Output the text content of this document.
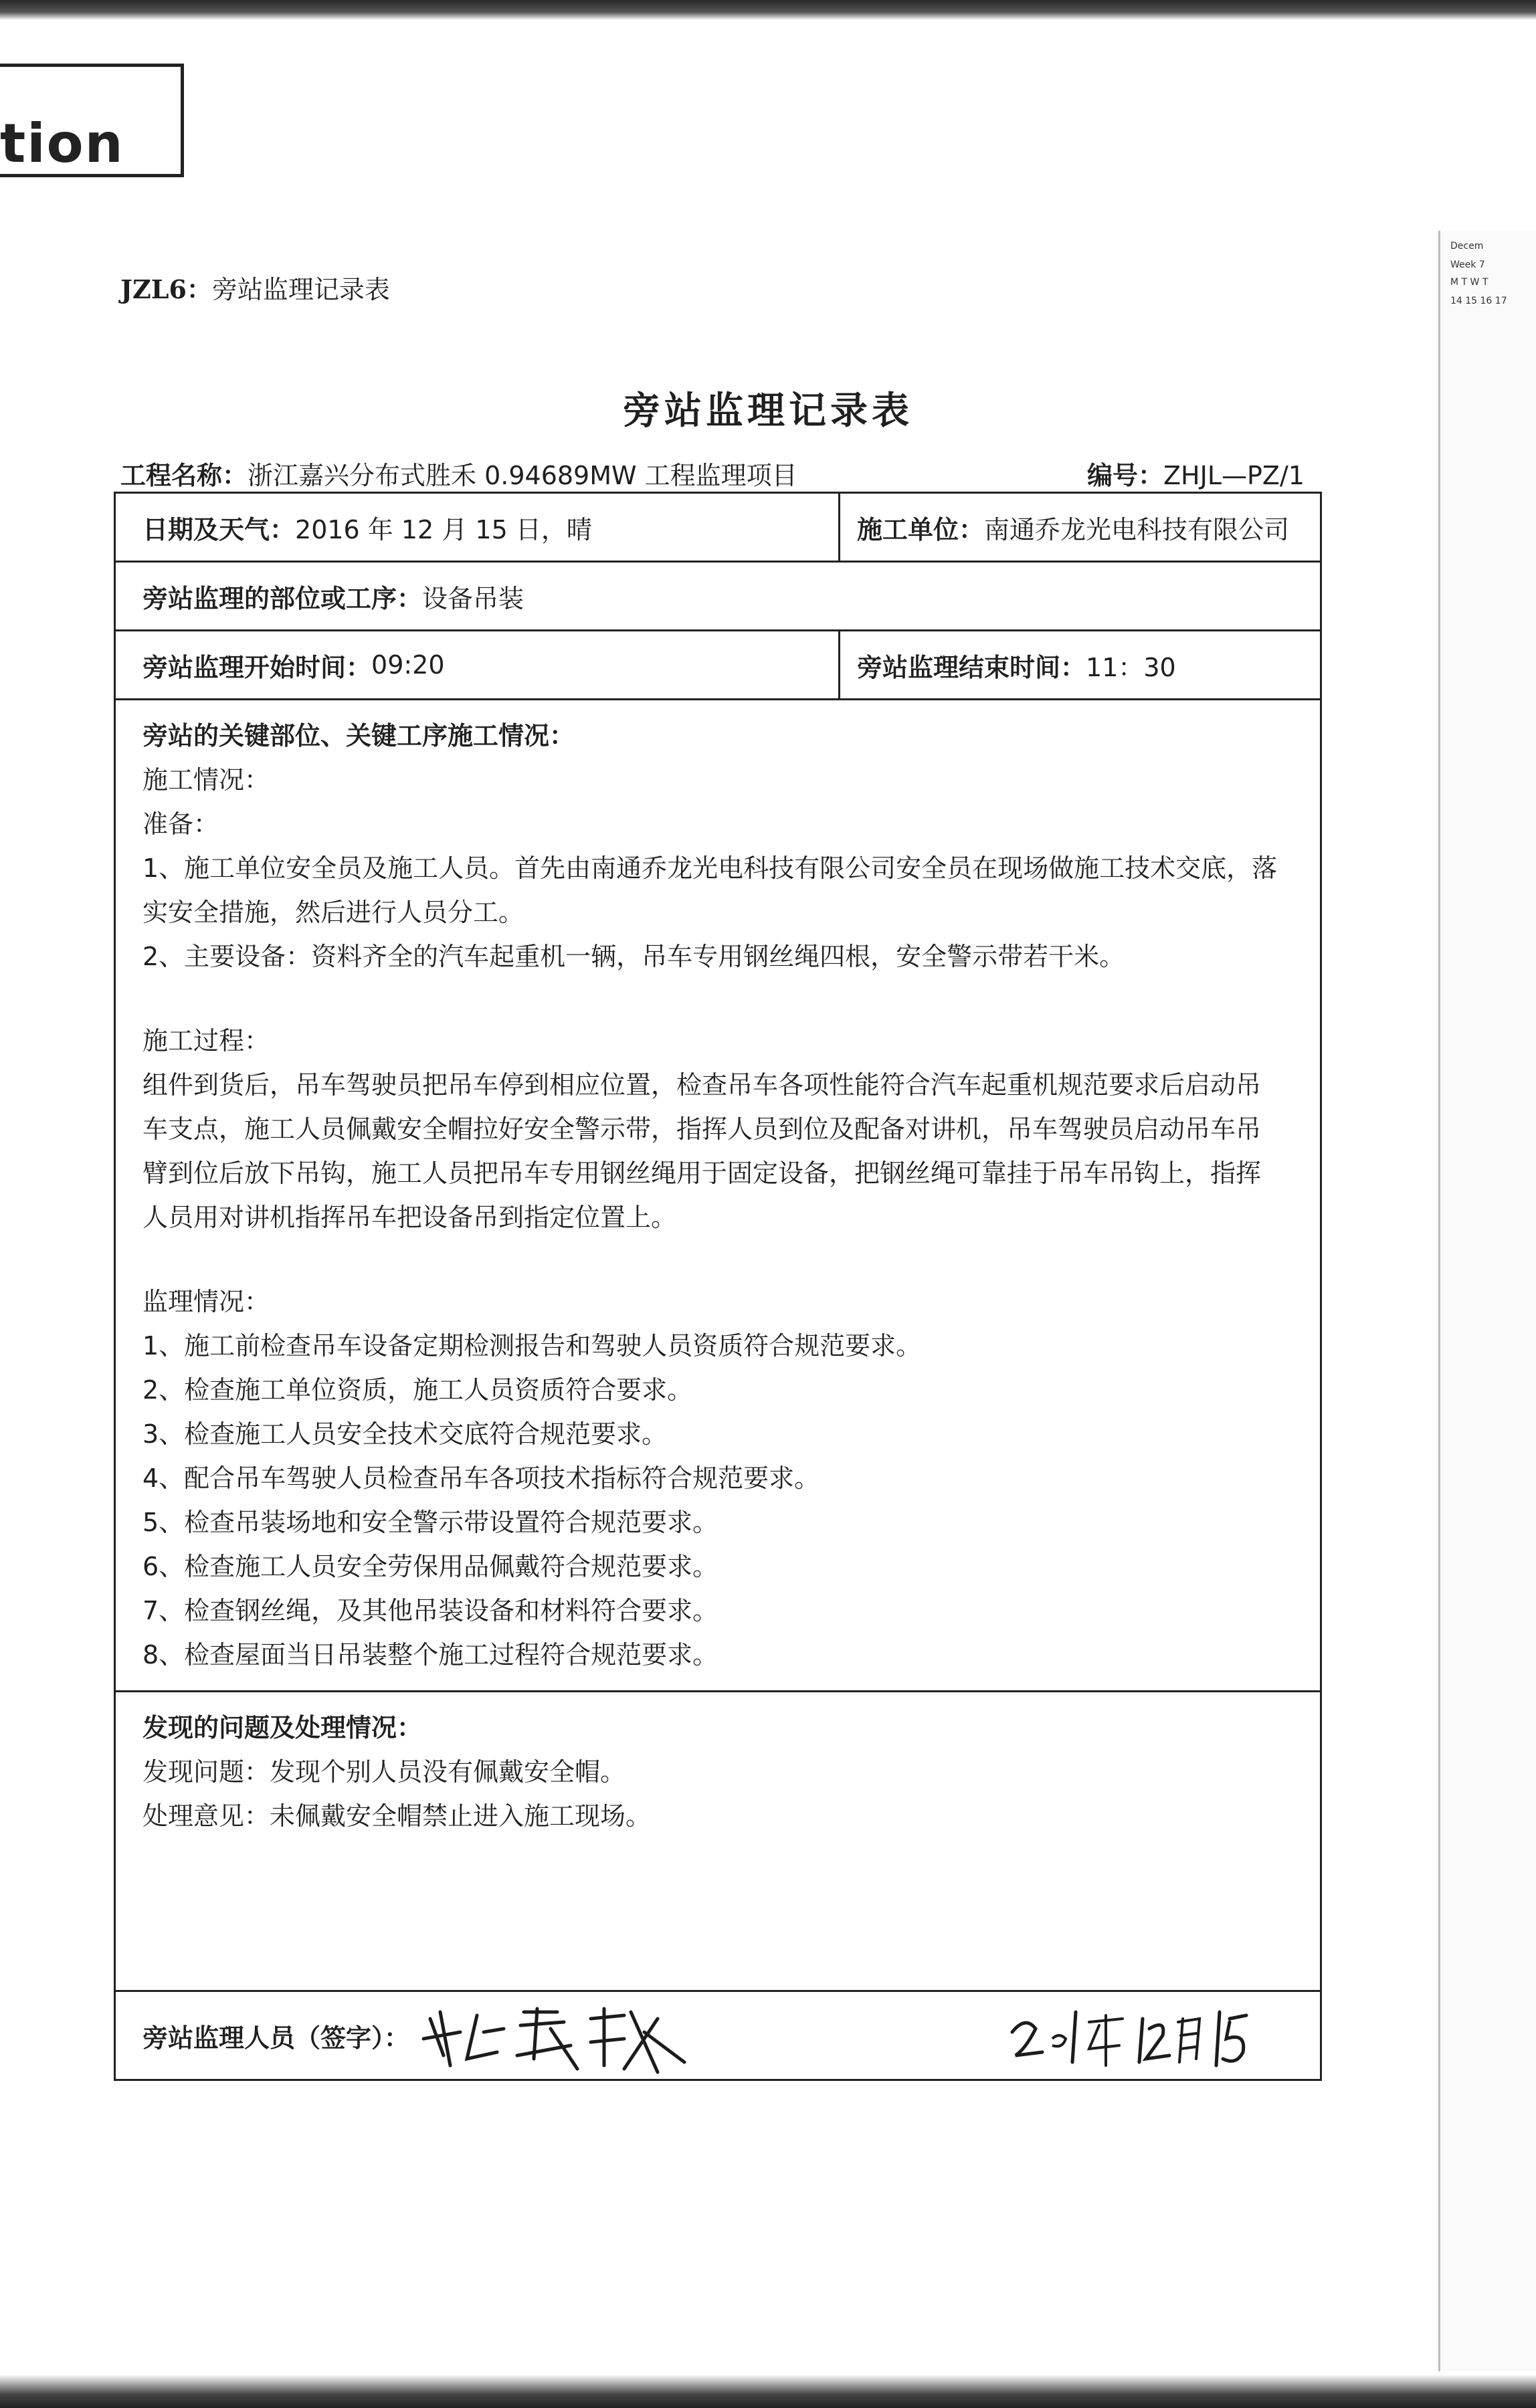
tion
Decem
Week 7
M T W T
14 15 16 17
JZL6：旁站监理记录表
旁站监理记录表
工程名称：浙江嘉兴分布式胜禾 0.94689MW 工程监理项目	编号：ZHJL—PZ/1
日期及天气： 2016 年 12 月 15 日，晴	施工单位： 南通乔龙光电科技有限公司
旁站监理的部位或工序： 设备吊装
旁站监理开始时间： 09:20	旁站监理结束时间： 11：30
旁站的关键部位、关键工序施工情况：
施工情况：
准备：
1、施工单位安全员及施工人员。首先由南通乔龙光电科技有限公司安全员在现场做施工技术交底，落实安全措施，然后进行人员分工。
2、主要设备：资料齐全的汽车起重机一辆，吊车专用钢丝绳四根，安全警示带若干米。
施工过程：
组件到货后，吊车驾驶员把吊车停到相应位置，检查吊车各项性能符合汽车起重机规范要求后启动吊车支点，施工人员佩戴安全帽拉好安全警示带，指挥人员到位及配备对讲机，吊车驾驶员启动吊车吊臂到位后放下吊钩，施工人员把吊车专用钢丝绳用于固定设备，把钢丝绳可靠挂于吊车吊钩上，指挥人员用对讲机指挥吊车把设备吊到指定位置上。
监理情况：
1、施工前检查吊车设备定期检测报告和驾驶人员资质符合规范要求。
2、检查施工单位资质，施工人员资质符合要求。
3、检查施工人员安全技术交底符合规范要求。
4、配合吊车驾驶人员检查吊车各项技术指标符合规范要求。
5、检查吊装场地和安全警示带设置符合规范要求。
6、检查施工人员安全劳保用品佩戴符合规范要求。
7、检查钢丝绳，及其他吊装设备和材料符合要求。
8、检查屋面当日吊装整个施工过程符合规范要求。
发现的问题及处理情况：
发现问题：发现个别人员没有佩戴安全帽。
处理意见：未佩戴安全帽禁止进入施工现场。
旁站监理人员（签字）：
